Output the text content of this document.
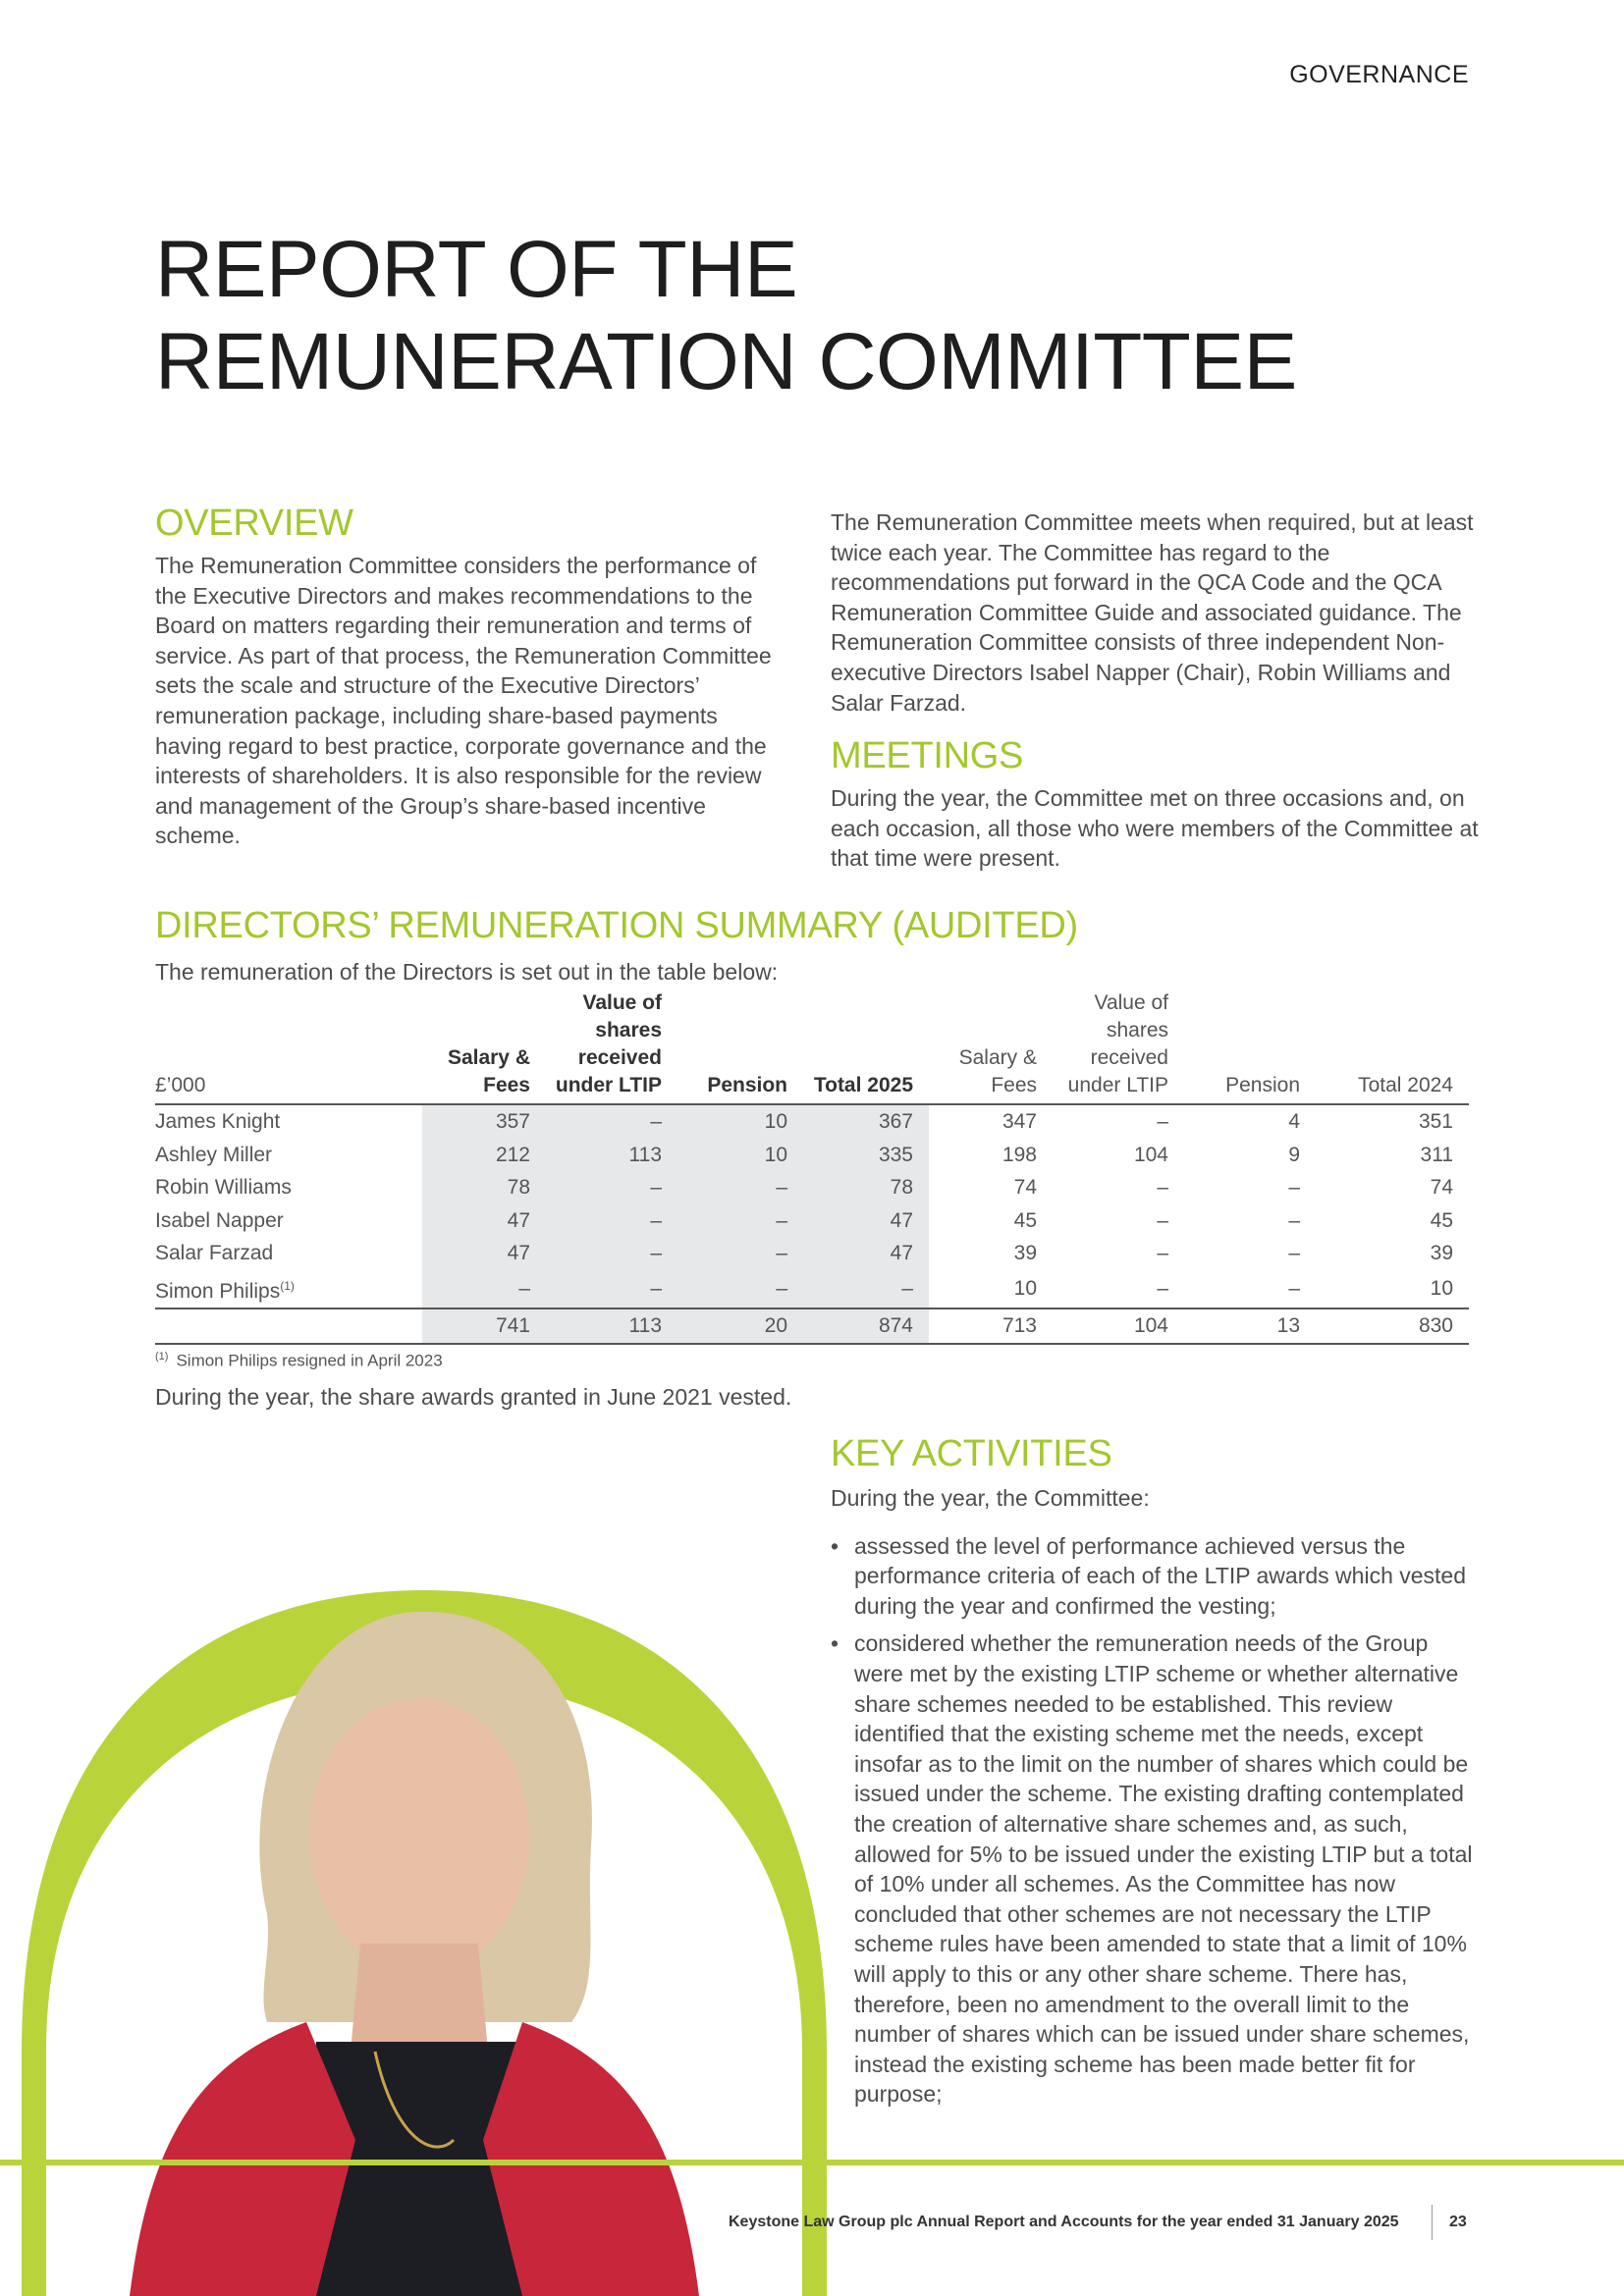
GOVERNANCE
REPORT OF THE
REMUNERATION COMMITTEE
OVERVIEW

The Remuneration Committee considers the performance of the Executive Directors and makes recommendations to the Board on matters regarding their remuneration and terms of service. As part of that process, the Remuneration Committee sets the scale and structure of the Executive Directors’ remuneration package, including share-based payments having regard to best practice, corporate governance and the interests of shareholders. It is also responsible for the review and management of the Group’s share-based incentive scheme.

The Remuneration Committee meets when required, but at least twice each year. The Committee has regard to the recommendations put forward in the QCA Code and the QCA Remuneration Committee Guide and associated guidance. The Remuneration Committee consists of three independent Non-executive Directors Isabel Napper (Chair), Robin Williams and Salar Farzad.

MEETINGS

During the year, the Committee met on three occasions and, on each occasion, all those who were members of the Committee at that time were present.

DIRECTORS’ REMUNERATION SUMMARY (AUDITED)

The remuneration of the Directors is set out in the table below:

£’000	Salary & Fees	Value of shares received under LTIP	Pension	Total 2025	Salary & Fees	Value of shares received under LTIP	Pension	Total 2024
James Knight	357	–	10	367	347	–	4	351
Ashley Miller	212	113	10	335	198	104	9	311
Robin Williams	78	–	–	78	74	–	–	74
Isabel Napper	47	–	–	47	45	–	–	45
Salar Farzad	47	–	–	47	39	–	–	39
Simon Philips$^{(1)}$	–	–	–	–	10	–	–	10
	741	113	20	874	713	104	13	830
$^{(1)}$ Simon Philips resigned in April 2023

During the year, the share awards granted in June 2021 vested.

KEY ACTIVITIES

During the year, the Committee:

• assessed the level of performance achieved versus the performance criteria of each of the LTIP awards which vested during the year and confirmed the vesting;
• considered whether the remuneration needs of the Group were met by the existing LTIP scheme or whether alternative share schemes needed to be established. This review identified that the existing scheme met the needs, except insofar as to the limit on the number of shares which could be issued under the scheme. The existing drafting contemplated the creation of alternative share schemes and, as such, allowed for 5% to be issued under the existing LTIP but a total of 10% under all schemes. As the Committee has now concluded that other schemes are not necessary the LTIP scheme rules have been amended to state that a limit of 10% will apply to this or any other share scheme. There has, therefore, been no amendment to the overall limit to the number of shares which can be issued under share schemes, instead the existing scheme has been made better fit for purpose;
Keystone Law Group plc Annual Report and Accounts for the year ended 31 January 2025	23
